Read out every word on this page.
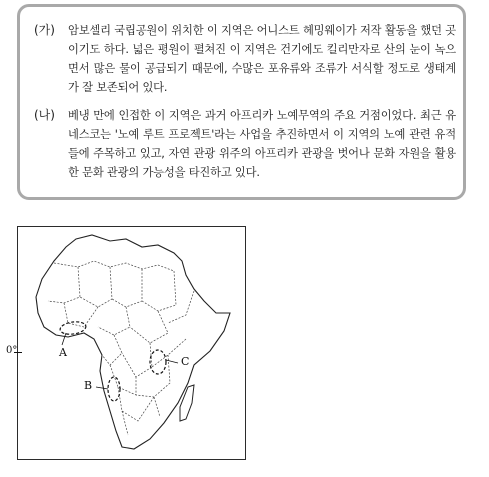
(가) 암보셀리 국립공원이 위치한 이 지역은 어니스트 헤밍웨이가 저작 활동을 했던 곳이기도 하다. 넓은 평원이 펼쳐진 이 지역은 건기에도 킬리만자로 산의 눈이 녹으면서 많은 물이 공급되기 때문에, 수많은 포유류와 조류가 서식할 정도로 생태계가 잘 보존되어 있다.
(나) 베냉 만에 인접한 이 지역은 과거 아프리카 노예무역의 주요 거점이었다. 최근 유네스코는 '노예 루트 프로젝트'라는 사업을 추진하면서 이 지역의 노예 관련 유적들에 주목하고 있고, 자연 관광 위주의 아프리카 관광을 벗어나 문화 자원을 활용한 문화 관광의 가능성을 타진하고 있다.
0°	A
B
C
